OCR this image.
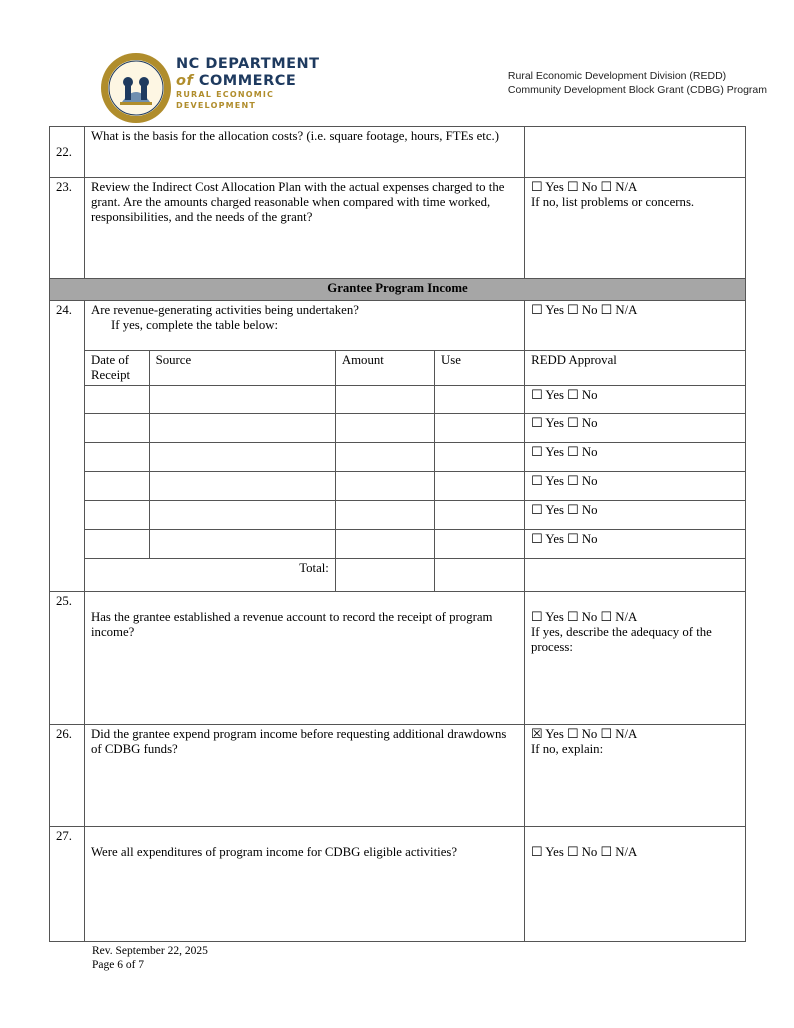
NC DEPARTMENT
of COMMERCE
RURAL ECONOMIC
DEVELOPMENT
Rural Economic Development Division (REDD)
Community Development Block Grant (CDBG) Program
22.	What is the basis for the allocation costs? (i.e. square footage, hours, FTEs etc.)	
23.	Review the Indirect Cost Allocation Plan with the actual expenses charged to the grant. Are the amounts charged reasonable when compared with time worked, responsibilities, and the needs of the grant?	
☐ Yes ☐ No ☐ N/A
If no, list problems or concerns.

Grantee Program Income
24.	Are revenue-generating activities being undertaken?
If yes, complete the table below:

☐ Yes ☐ No ☐ N/A

Date of Receipt	Source	Amount	Use	REDD Approval
				☐ Yes ☐ No
				☐ Yes ☐ No
				☐ Yes ☐ No
				☐ Yes ☐ No
				☐ Yes ☐ No
				☐ Yes ☐ No
Total:			

25.	Has the grantee established a revenue account to record the receipt of program income?	
☐ Yes ☐ No ☐ N/A
If yes, describe the adequacy of the process:

26.	Did the grantee expend program income before requesting additional drawdowns of CDBG funds?	
☒ Yes ☐ No ☐ N/A
If no, explain:

27.	Were all expenditures of program income for CDBG eligible activities?	☐ Yes ☐ No ☐ N/A
Rev. September 22, 2025
Page 6 of 7
